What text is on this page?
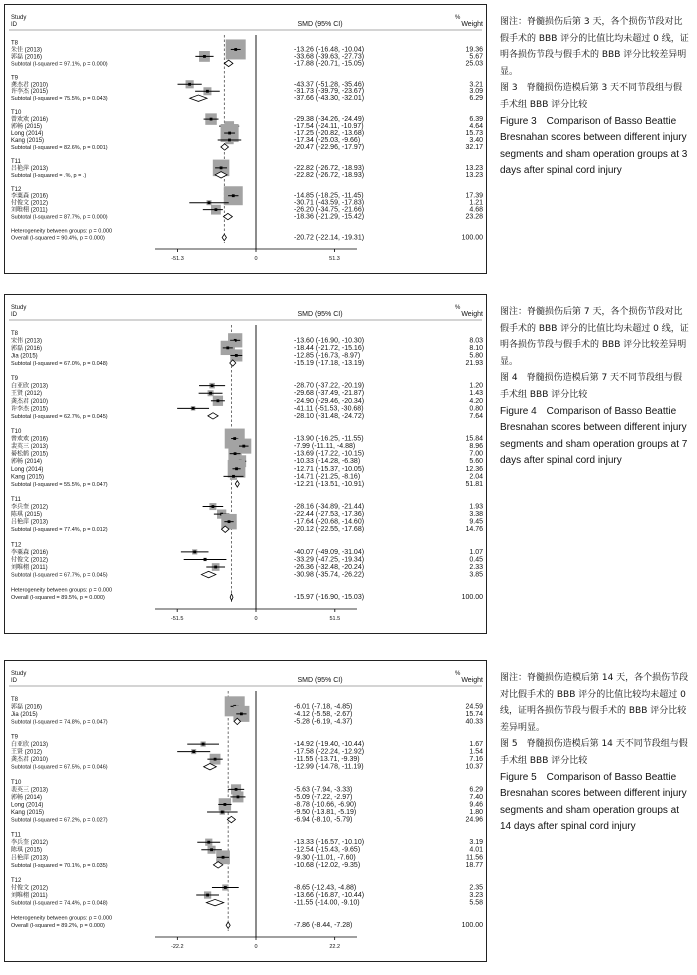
Study
ID	SMD (95% CI)
%
Weight
T8
朱佳 (2013)	-13.26 (-16.48, -10.04)	19.36
郭磊 (2016)	-33.68 (-39.63, -27.73)	5.67
Subtotal (I-squared = 97.1%, p = 0.000)	-17.88 (-20.71, -15.05)	25.03
T9
龚杰君 (2010)	-43.37 (-51.28, -35.46)	3.21
许李杰 (2015)	-31.73 (-39.79, -23.67)	3.09
Subtotal (I-squared = 75.5%, p = 0.043)	-37.66 (-43.30, -32.01)	6.29
T10
曾欢欢 (2016)	-29.38 (-34.26, -24.49)	6.39
郭畅 (2015)	-17.54 (-24.11, -10.97)	4.64
Long (2014)	-17.25 (-20.82, -13.68)	15.73
Kang (2015)	-17.34 (-25.03, -9.66)	3.40
Subtotal (I-squared = 82.6%, p = 0.001)	-20.47 (-22.96, -17.97)	32.17
T11
吕艳萍 (2013)	-22.82 (-26.72, -18.93)	13.23
Subtotal (I-squared = .%, p = .)	-22.82 (-26.72, -18.93)	13.23
T12
李粟森 (2016)	-14.85 (-18.25, -11.45)	17.39
付俊文 (2012)	-30.71 (-43.59, -17.83)	1.21
刘唯栩 (2011)	-26.20 (-34.75, -21.66)	4.68
Subtotal (I-squared = 87.7%, p = 0.000)	-18.36 (-21.29, -15.42)	23.28
Heterogeneity between groups: p = 0.000
Overall (I-squared = 90.4%, p = 0.000)	-20.72 (-22.14, -19.31)	100.00
-51.3	0	51.3
图注：脊髓损伤后第 3 天，各个损伤节段对比假手术的 BBB 评分的比值比均未超过 0 线，证明各损伤节段与假手术的 BBB 评分比较差异明显。
图 3　脊髓损伤造模后第 3 天不同节段组与假手术组 BBB 评分比较
Figure 3　Comparison of Basso Beattie Bresnahan scores between different injury segments and sham operation groups at 3 days after spinal cord injury
Study
ID	SMD (95% CI)
%
Weight
T8
宋伟 (2013)	-13.60 (-16.90, -10.30)	8.03
郭磊 (2016)	-18.44 (-21.72, -15.16)	8.10
Jia (2015)	-12.85 (-16.73, -8.97)	5.80
Subtotal (I-squared = 67.0%, p = 0.048)	-15.19 (-17.18, -13.19)	21.93
T9
白亚欣 (2013)	-28.70 (-37.22, -20.19)	1.20
王贤 (2012)	-29.68 (-37.49, -21.87)	1.43
龚杰君 (2010)	-24.90 (-29.46, -20.34)	4.20
许李杰 (2015)	-41.11 (-51.53, -30.68)	0.80
Subtotal (I-squared = 62.7%, p = 0.045)	-28.10 (-31.48, -24.72)	7.64
T10
曾欢欢 (2016)	-13.90 (-16.25, -11.55)	15.84
裴英三 (2013)	-7.99 (-11.11, -4.88)	8.96
綦松鹤 (2015)	-13.69 (-17.22, -10.15)	7.00
郭畅 (2014)	-10.33 (-14.28, -6.38)	5.60
Long (2014)	-12.71 (-15.37, -10.05)	12.36
Kang (2015)	-14.71 (-21.25, -8.16)	2.04
Subtotal (I-squared = 55.5%, p = 0.047)	-12.21 (-13.51, -10.91)	51.81
T11
李兵奎 (2012)	-28.16 (-34.89, -21.44)	1.93
陈琪 (2015)	-22.44 (-27.53, -17.36)	3.38
吕艳萍 (2013)	-17.64 (-20.68, -14.60)	9.45
Subtotal (I-squared = 77.4%, p = 0.012)	-20.12 (-22.55, -17.68)	14.76
T12
李粟森 (2016)	-40.07 (-49.09, -31.04)	1.07
付俊文 (2012)	-33.29 (-47.25, -19.34)	0.45
刘唯栩 (2011)	-26.36 (-32.48, -20.24)	2.33
Subtotal (I-squared = 67.7%, p = 0.045)	-30.98 (-35.74, -26.22)	3.85
Heterogeneity between groups: p = 0.000
Overall (I-squared = 89.5%, p = 0.000)	-15.97 (-16.90, -15.03)	100.00
-51.5	0	51.5
图注：脊髓损伤后第 7 天，各个损伤节段对比假手术的 BBB 评分的比值比均未超过 0 线，证明各损伤节段与假手术的 BBB 评分比较差异明显。
图 4　脊髓损伤造模后第 7 天不同节段组与假手术组 BBB 评分比较
Figure 4　Comparison of Basso Beattie Bresnahan scores between different injury segments and sham operation groups at 7 days after spinal cord injury
Study
ID	SMD (95% CI)
%
Weight
T8
郭磊 (2016)	-6.01 (-7.18, -4.85)	24.59
Jia (2015)	-4.12 (-5.58, -2.67)	15.74
Subtotal (I-squared = 74.8%, p = 0.047)	-5.28 (-6.19, -4.37)	40.33
T9
白亚欣 (2013)	-14.92 (-19.40, -10.44)	1.67
王贤 (2012)	-17.58 (-22.24, -12.92)	1.54
龚杰君 (2010)	-11.55 (-13.71, -9.39)	7.16
Subtotal (I-squared = 67.5%, p = 0.046)	-12.99 (-14.78, -11.19)	10.37
T10
裴英三 (2013)	-5.63 (-7.94, -3.33)	6.29
郭畅 (2014)	-5.09 (-7.22, -2.97)	7.40
Long (2014)	-8.78 (-10.66, -6.90)	9.46
Kang (2015)	-9.50 (-13.81, -5.19)	1.80
Subtotal (I-squared = 67.2%, p = 0.027)	-6.94 (-8.10, -5.79)	24.96
T11
李兵奎 (2012)	-13.33 (-16.57, -10.10)	3.19
陈琪 (2015)	-12.54 (-15.43, -9.65)	4.01
吕艳萍 (2013)	-9.30 (-11.01, -7.60)	11.56
Subtotal (I-squared = 70.1%, p = 0.035)	-10.68 (-12.02, -9.35)	18.77
T12
付俊文 (2012)	-8.65 (-12.43, -4.88)	2.35
刘唯栩 (2011)	-13.66 (-16.87, -10.44)	3.23
Subtotal (I-squared = 74.4%, p = 0.048)	-11.55 (-14.00, -9.10)	5.58
Heterogeneity between groups: p = 0.000
Overall (I-squared = 89.2%, p = 0.000)	-7.86 (-8.44, -7.28)	100.00
-22.2	0	22.2
图注：脊髓损伤造模后第 14 天，各个损伤节段对比假手术的 BBB 评分的比值比较均未超过 0 线，证明各损伤节段与假手术的 BBB 评分比较差异明显。
图 5　脊髓损伤造模后第 14 天不同节段组与假手术组 BBB 评分比较
Figure 5　Comparison of Basso Beattie Bresnahan scores between different injury segments and sham operation groups at 14 days after spinal cord injury
